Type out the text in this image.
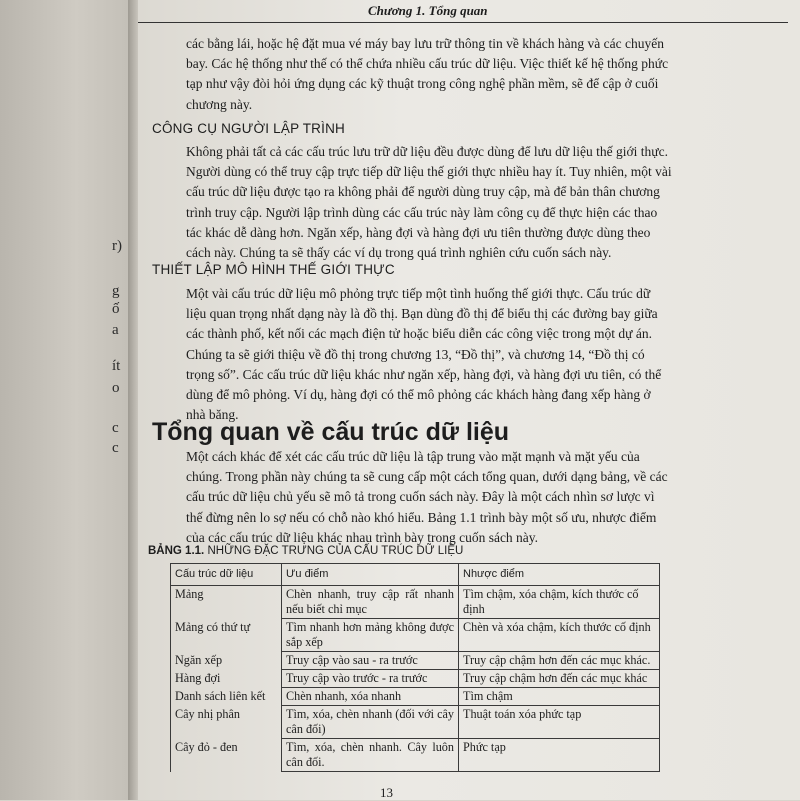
r)
g
ố
a
ít
o
c
c
Chương 1. Tổng quan

các bằng lái, hoặc hệ đặt mua vé máy bay lưu trữ thông tin về khách hàng và các chuyến

bay. Các hệ thống như thế có thể chứa nhiều cấu trúc dữ liệu. Việc thiết kế hệ thống phức

tạp như vậy đòi hỏi ứng dụng các kỹ thuật trong công nghệ phần mềm, sẽ để cập ở cuối

chương này.

CÔNG CỤ NGƯỜI LẬP TRÌNH

Không phải tất cả các cấu trúc lưu trữ dữ liệu đều được dùng để lưu dữ liệu thế giới thực.

Người dùng có thể truy cập trực tiếp dữ liệu thế giới thực nhiều hay ít. Tuy nhiên, một vài

cấu trúc dữ liệu được tạo ra không phải để người dùng truy cập, mà để bản thân chương

trình truy cập. Người lập trình dùng các cấu trúc này làm công cụ để thực hiện các thao

tác khác dễ dàng hơn. Ngăn xếp, hàng đợi và hàng đợi ưu tiên thường được dùng theo

cách này. Chúng ta sẽ thấy các ví dụ trong quá trình nghiên cứu cuốn sách này.

THIẾT LẬP MÔ HÌNH THẾ GIỚI THỰC

Một vài cấu trúc dữ liệu mô phỏng trực tiếp một tình huống thế giới thực. Cấu trúc dữ

liệu quan trọng nhất dạng này là đồ thị. Bạn dùng đồ thị để biểu thị các đường bay giữa

các thành phố, kết nối các mạch điện tử hoặc biểu diễn các công việc trong một dự án.

Chúng ta sẽ giới thiệu về đồ thị trong chương 13, “Đồ thị”, và chương 14, “Đồ thị có

trọng số”. Các cấu trúc dữ liệu khác như ngăn xếp, hàng đợi, và hàng đợi ưu tiên, có thể

dùng để mô phỏng. Ví dụ, hàng đợi có thể mô phỏng các khách hàng đang xếp hàng ở

nhà băng.

Tổng quan về cấu trúc dữ liệu

Một cách khác để xét các cấu trúc dữ liệu là tập trung vào mặt mạnh và mặt yếu của

chúng. Trong phần này chúng ta sẽ cung cấp một cách tổng quan, dưới dạng bảng, về các

cấu trúc dữ liệu chủ yếu sẽ mô tả trong cuốn sách này. Đây là một cách nhìn sơ lược vì

thế đừng nên lo sợ nếu có chỗ nào khó hiểu. Bảng 1.1 trình bày một số ưu, nhược điểm

của các cấu trúc dữ liệu khác nhau trình bày trong cuốn sách này.

BẢNG 1.1. NHỮNG ĐẶC TRƯNG CỦA CẤU TRÚC DỮ LIỆU
Cấu trúc dữ liệu	Ưu điểm	Nhược điểm
Mảng	Chèn nhanh, truy cập rất nhanh nếu biết chỉ mục	Tìm chậm, xóa chậm, kích thước cố định
Mảng có thứ tự	Tìm nhanh hơn mảng không được sắp xếp	Chèn và xóa chậm, kích thước cố định
Ngăn xếp	Truy cập vào sau - ra trước	Truy cập chậm hơn đến các mục khác.
Hàng đợi	Truy cập vào trước - ra trước	Truy cập chậm hơn đến các mục khác
Danh sách liên kết	Chèn nhanh, xóa nhanh	Tìm chậm
Cây nhị phân	Tìm, xóa, chèn nhanh (đối với cây cân đối)	Thuật toán xóa phức tạp
Cây đỏ - đen	Tìm, xóa, chèn nhanh. Cây luôn cân đối.	Phức tạp
13
